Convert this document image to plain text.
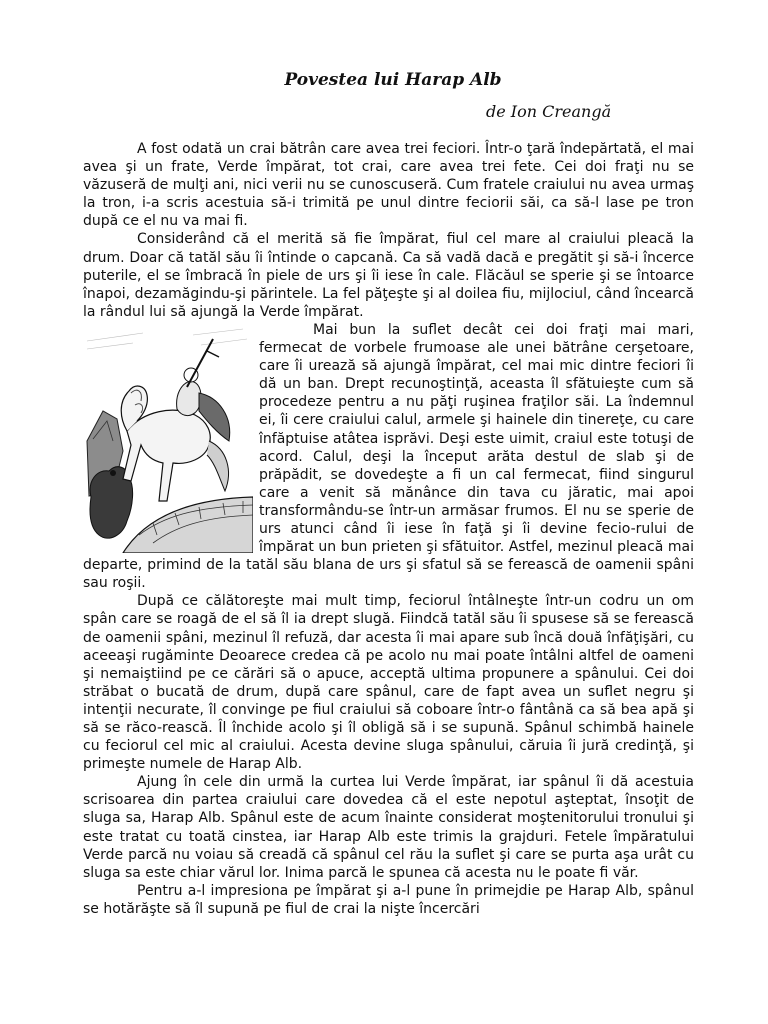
Povestea lui Harap Alb
de Ion Creangă

A fost odată un crai bătrân care avea trei feciori. Într-o ţară îndepărtată, el mai avea şi un frate, Verde împărat, tot crai, care avea trei fete. Cei doi fraţi nu se văzuseră de mulţi ani, nici verii nu se cunoscuseră. Cum fratele craiului nu avea urmaş la tron, i-a scris acestuia să-i trimită pe unul dintre feciorii săi, ca să-l lase pe tron după ce el nu va mai fi.

Considerând că el merită să fie împărat, fiul cel mare al craiului pleacă la drum. Doar că tatăl său îi întinde o capcană. Ca să vadă dacă e pregătit şi să-i încerce puterile, el se îmbracă în piele de urs şi îi iese în cale. Flăcăul se sperie şi se întoarce înapoi, dezamăgindu-şi părintele. La fel păţeşte şi al doilea fiu, mijlociul, când încearcă la rândul lui să ajungă la Verde împărat.

Mai bun la suflet decât cei doi fraţi mai mari, fermecat de vorbele frumoase ale unei bătrâne cerşetoare, care îi urează să ajungă împărat, cel mai mic dintre feciori îi dă un ban. Drept recunoştinţă, aceasta îl sfătuieşte cum să procedeze pentru a nu păţi ruşinea fraţilor săi. La îndemnul ei, îi cere craiului calul, armele şi hainele din tinereţe, cu care înfăptuise atâtea isprăvi. Deşi este uimit, craiul este totuşi de acord. Calul, deşi la început arăta destul de slab şi de prăpădit, se dovedeşte a fi un cal fermecat, fiind singurul care a venit să mănânce din tava cu jăratic, mai apoi transformându-se într-un armăsar frumos. El nu se sperie de urs atunci când îi iese în faţă şi îi devine fecio-rului de împărat un bun prieten şi sfătuitor. Astfel, mezinul pleacă mai departe, primind de la tatăl său blana de urs şi sfatul să se ferească de oamenii spâni sau roşii.

După ce călătoreşte mai mult timp, feciorul întâlneşte într-un codru un om spân care se roagă de el să îl ia drept slugă. Fiindcă tatăl său îi spusese să se ferească de oamenii spâni, mezinul îl refuză, dar acesta îi mai apare sub încă două înfăţişări, cu aceeaşi rugăminte Deoarece credea că pe acolo nu mai poate întâlni altfel de oameni şi nemaiştiind pe ce cărări să o apuce, acceptă ultima propunere a spânului. Cei doi străbat o bucată de drum, după care spânul, care de fapt avea un suflet negru şi intenţii necurate, îl convinge pe fiul craiului să coboare într-o fântână ca să bea apă şi să se răco-rească. Îl închide acolo şi îl obligă să i se supună. Spânul schimbă hainele cu feciorul cel mic al craiului. Acesta devine sluga spânului, căruia îi jură credinţă, şi primeşte numele de Harap Alb.

Ajung în cele din urmă la curtea lui Verde împărat, iar spânul îi dă acestuia scrisoarea din partea craiului care dovedea că el este nepotul aşteptat, însoţit de sluga sa, Harap Alb. Spânul este de acum înainte considerat moştenitorului tronului şi este tratat cu toată cinstea, iar Harap Alb este trimis la grajduri. Fetele împăratului Verde parcă nu voiau să creadă că spânul cel rău la suflet şi care se purta aşa urât cu sluga sa este chiar vărul lor. Inima parcă le spunea că acesta nu le poate fi văr.

Pentru a-l impresiona pe împărat şi a-l pune în primejdie pe Harap Alb, spânul se hotărăşte să îl supună pe fiul de crai la nişte încercări
